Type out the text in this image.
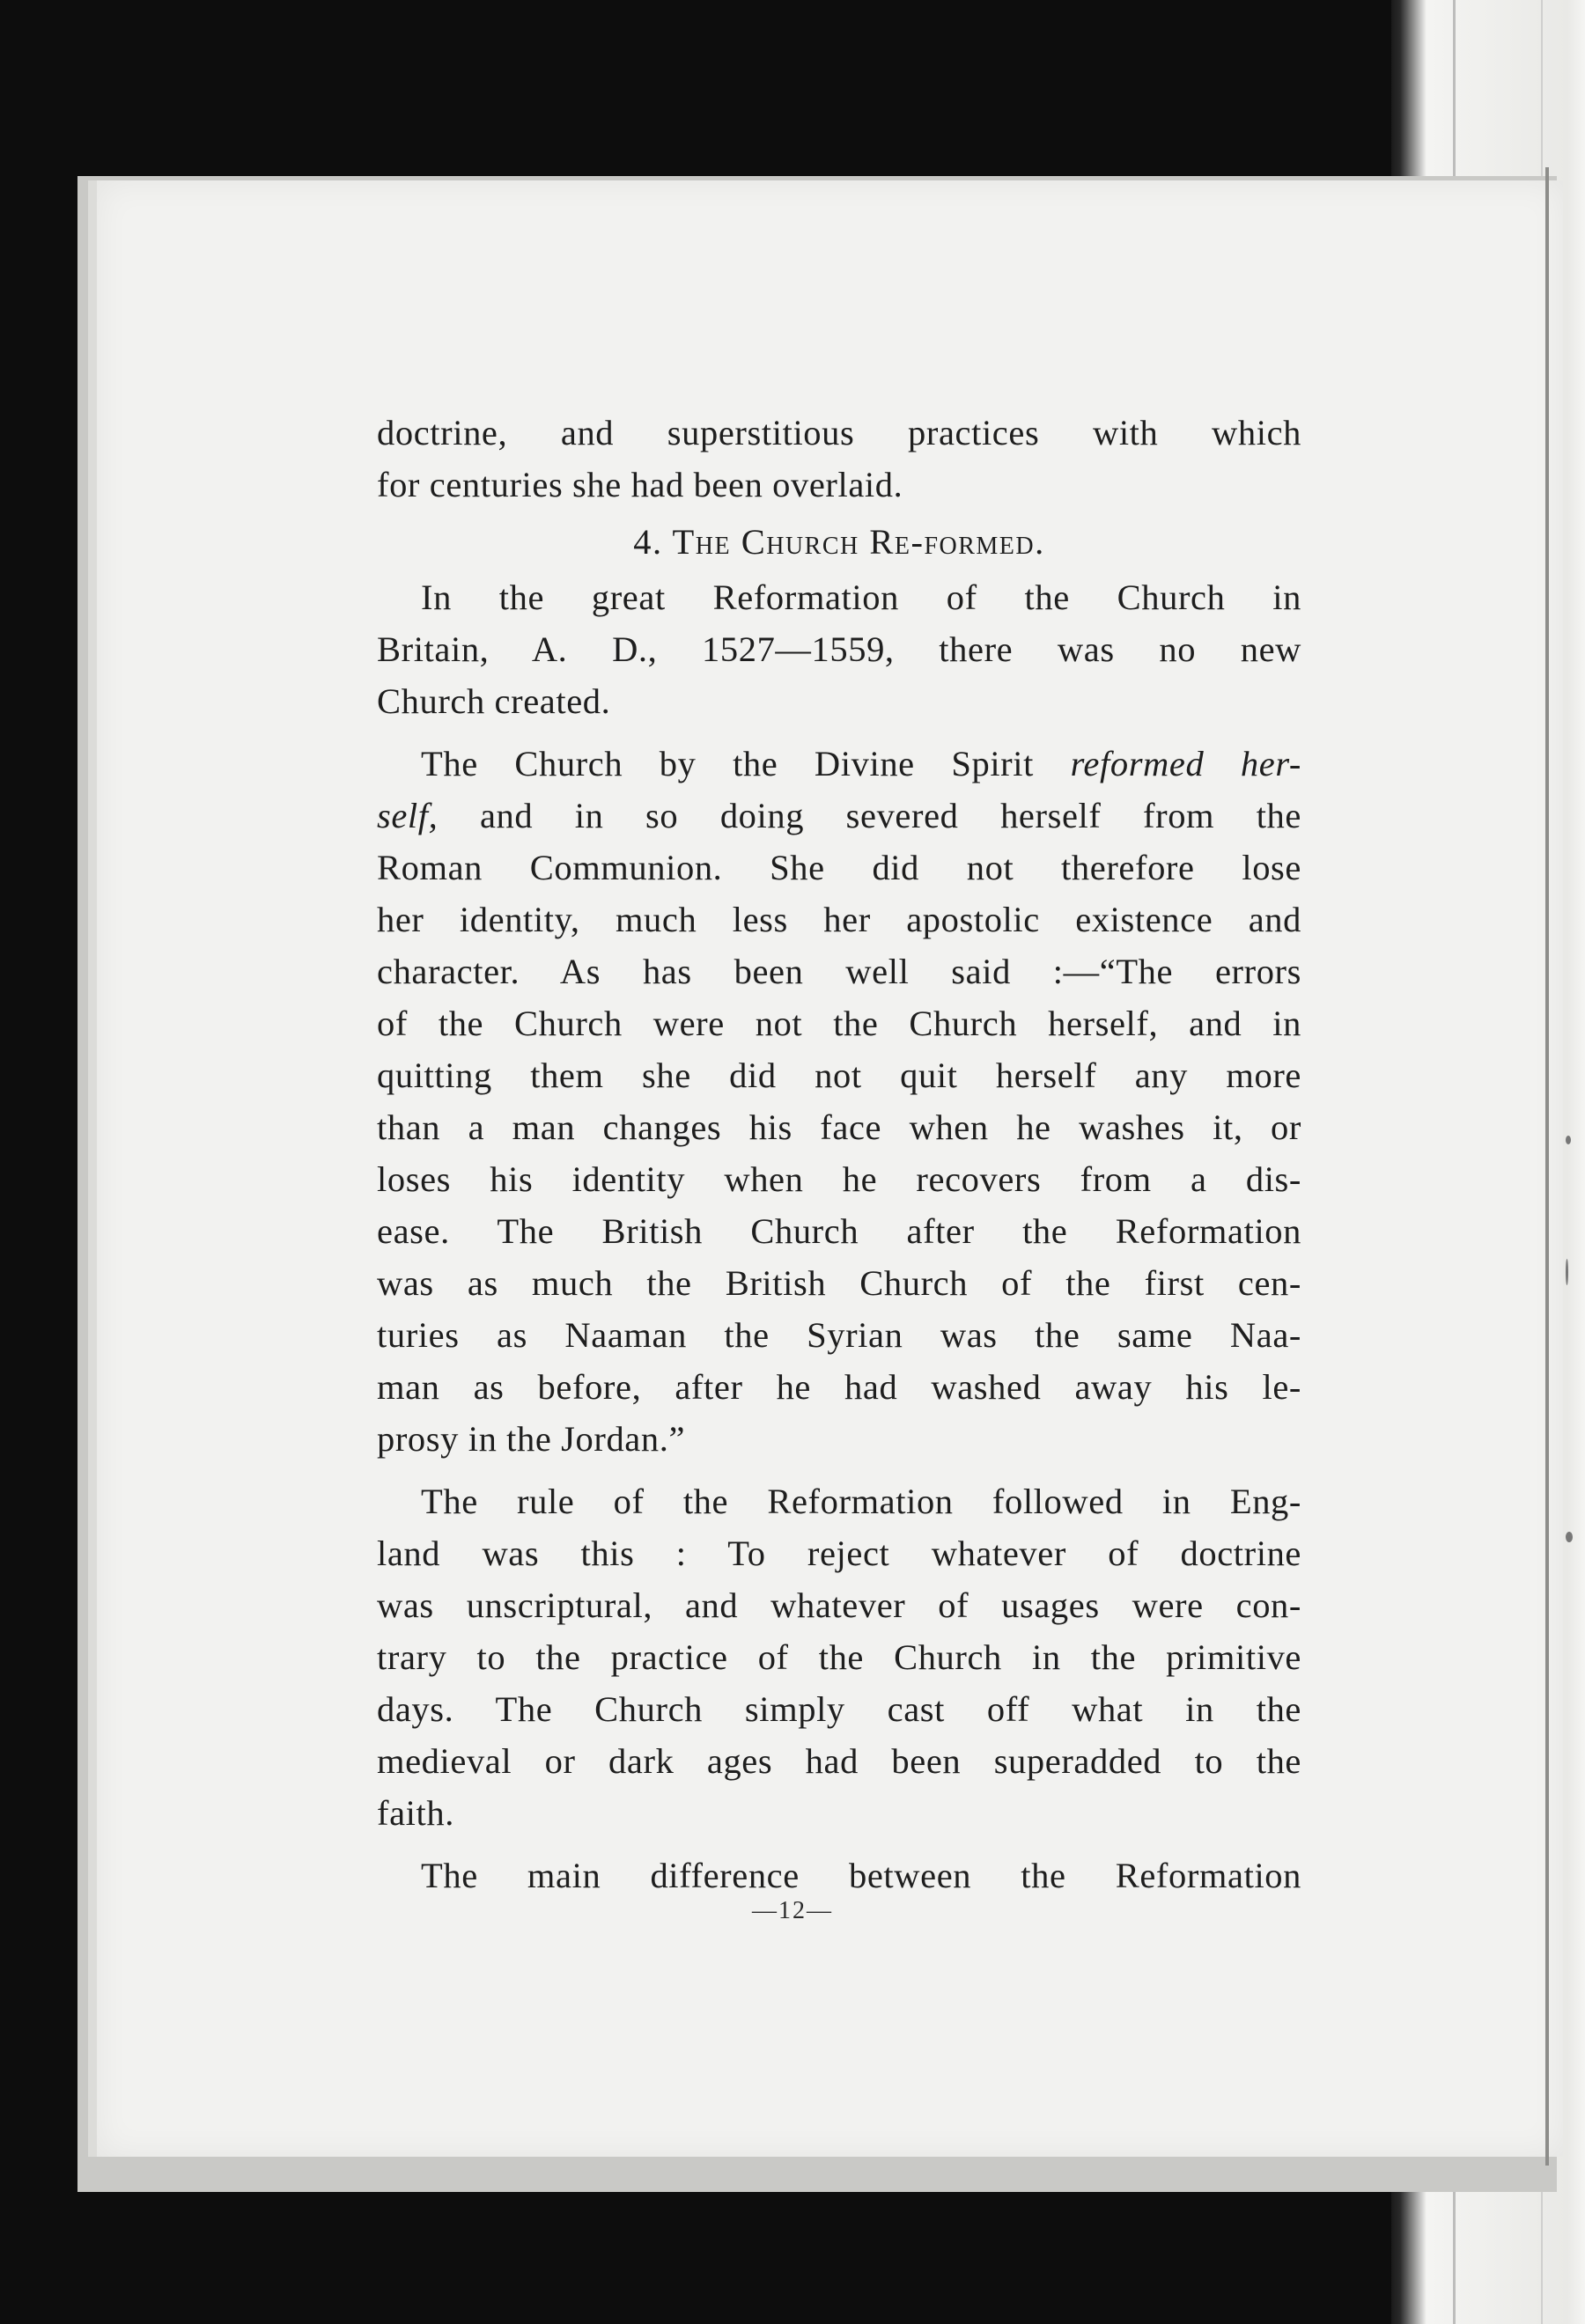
doctrine, and superstitious practices with which
for centuries she had been overlaid.
4. The Church Re-formed.
In the great Reformation of the Church in
Britain, A. D., 1527—1559, there was no new
Church created.
The Church by the Divine Spirit reformed her-
self, and in so doing severed herself from the
Roman Communion. She did not therefore lose
her identity, much less her apostolic existence and
character. As has been well said :—“The errors
of the Church were not the Church herself, and in
quitting them she did not quit herself any more
than a man changes his face when he washes it, or
loses his identity when he recovers from a dis-
ease. The British Church after the Reformation
was as much the British Church of the first cen-
turies as Naaman the Syrian was the same Naa-
man as before, after he had washed away his le-
prosy in the Jordan.”
The rule of the Reformation followed in Eng-
land was this : To reject whatever of doctrine
was unscriptural, and whatever of usages were con-
trary to the practice of the Church in the primitive
days. The Church simply cast off what in the
medieval or dark ages had been superadded to the
faith.
The main difference between the Reformation
—12—
